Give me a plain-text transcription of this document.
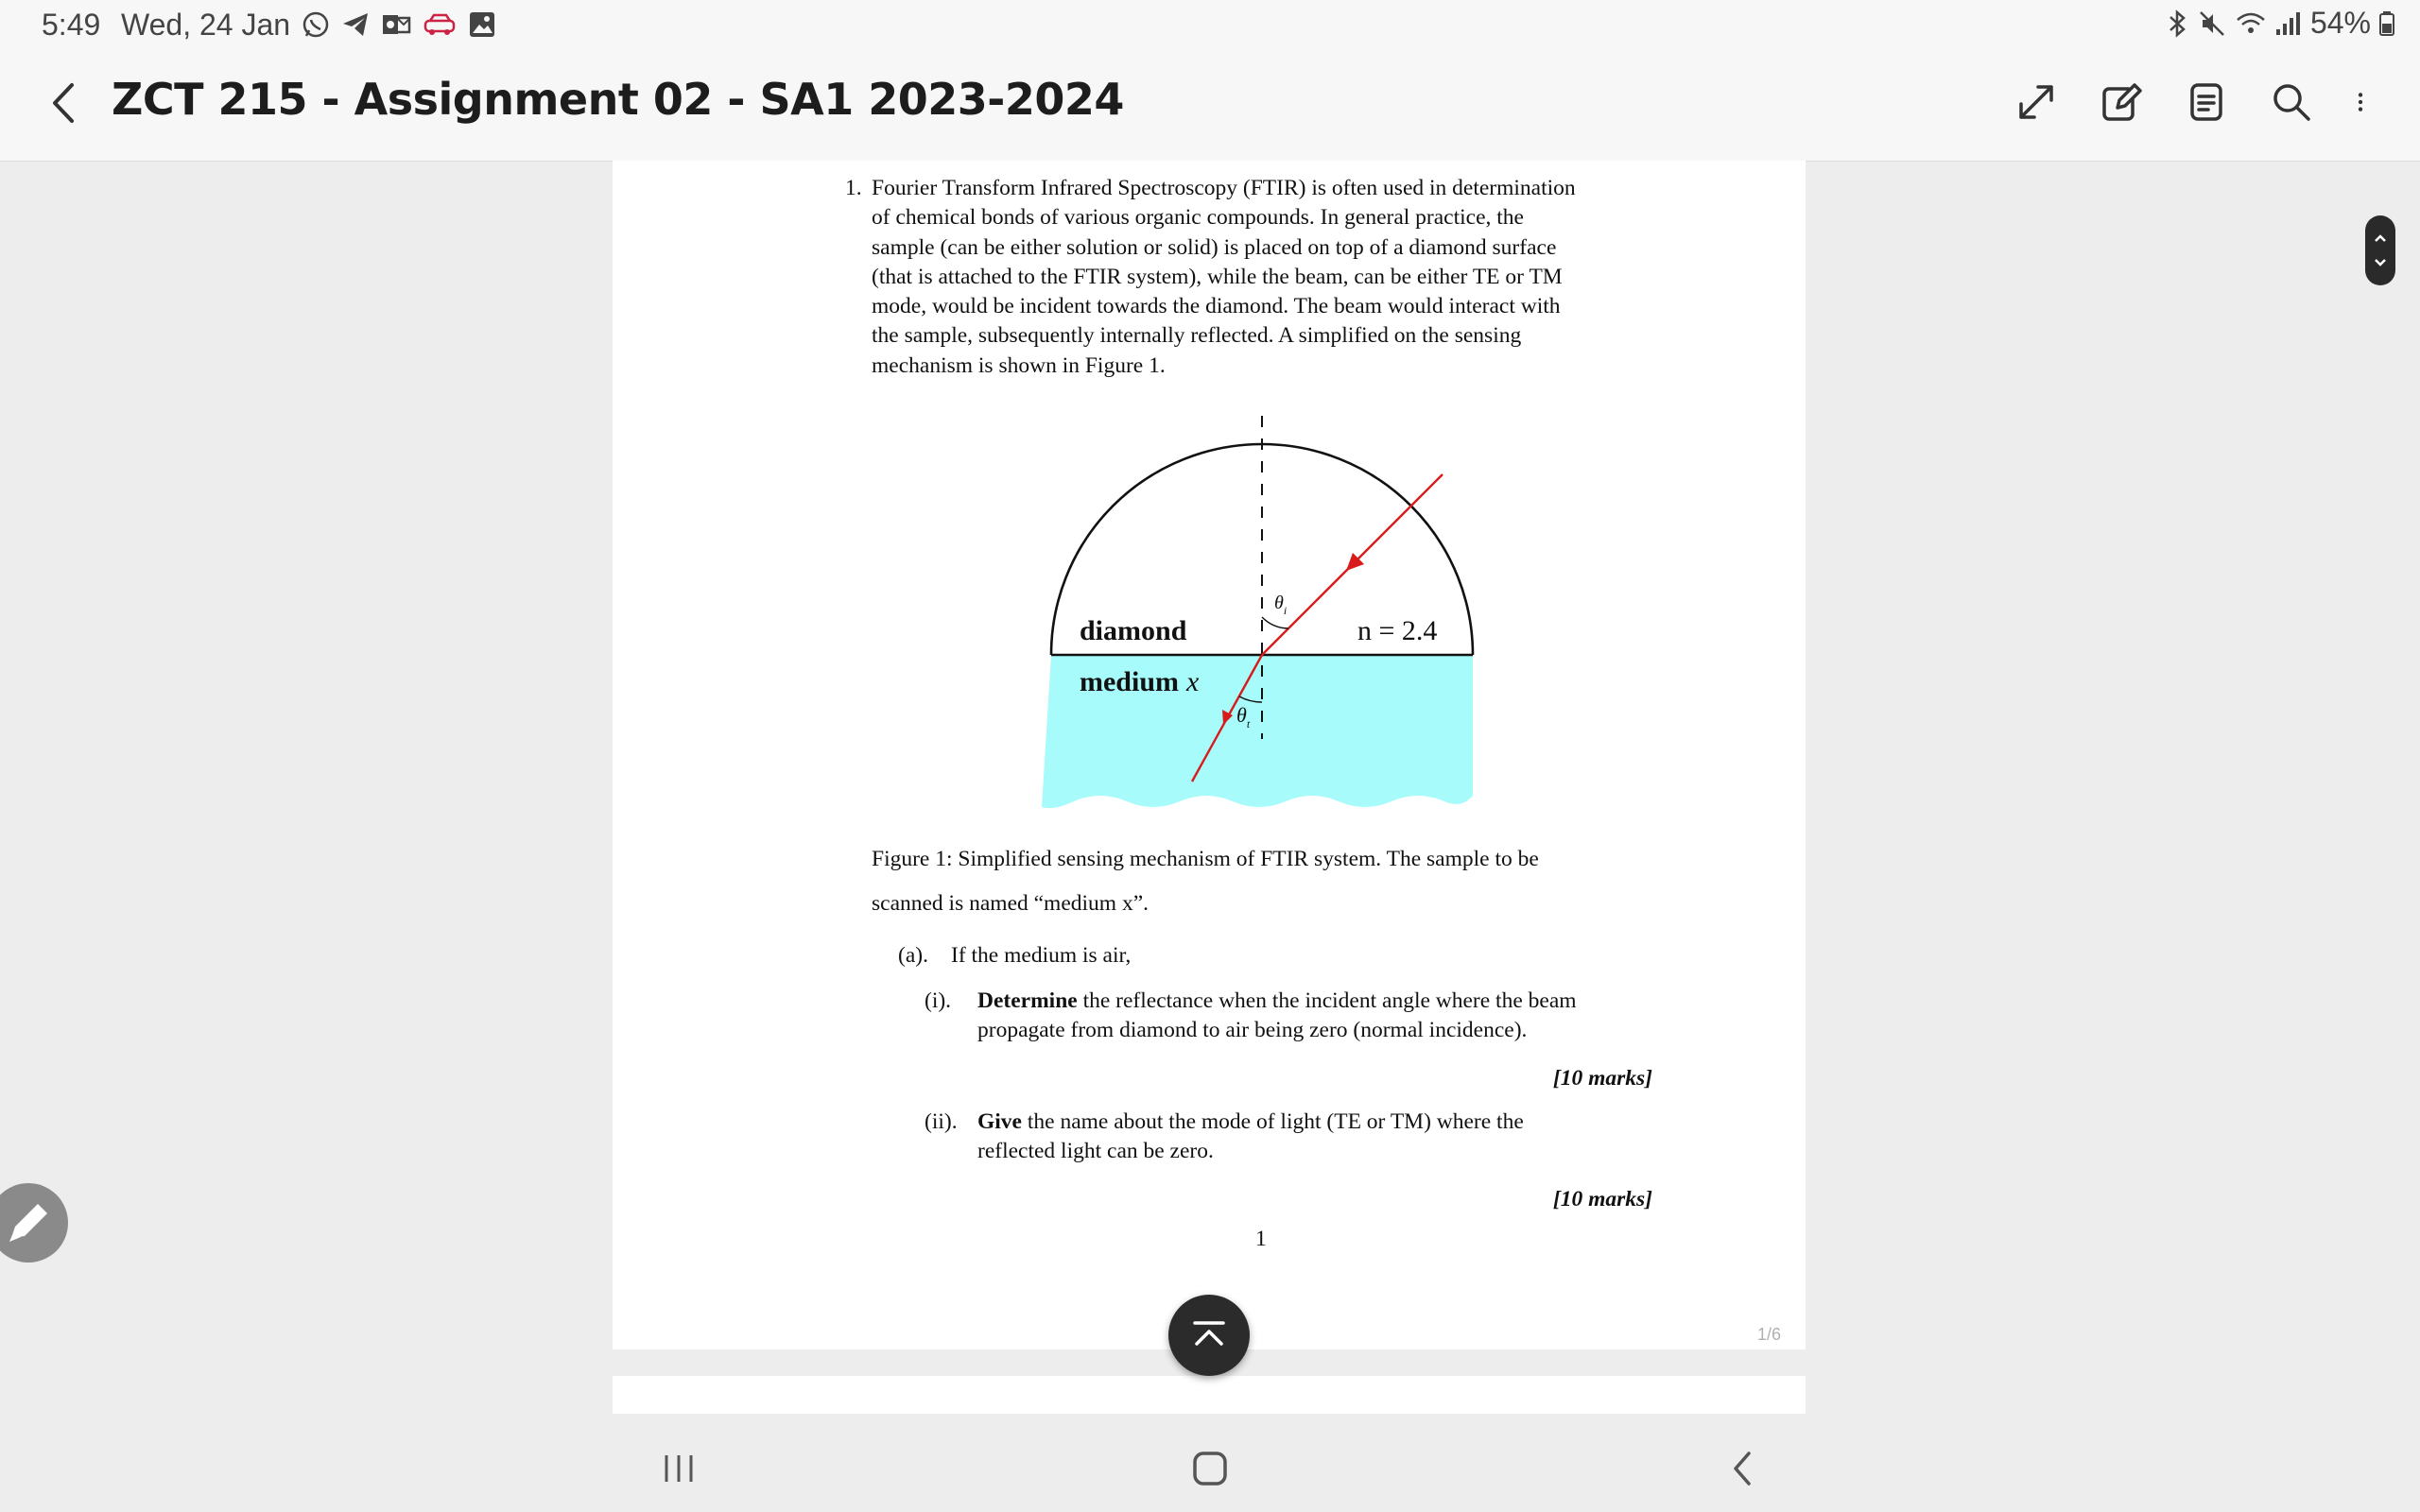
5:49 Wed, 24 Jan	54%
ZCT 215 - Assignment 02 - SA1 2023-2024
1. Fourier Transform Infrared Spectroscopy (FTIR) is often used in determination
of chemical bonds of various organic compounds. In general practice, the
sample (can be either solution or solid) is placed on top of a diamond surface
(that is attached to the FTIR system), while the beam, can be either TE or TM
mode, would be incident towards the diamond. The beam would interact with
the sample, subsequently internally reflected. A simplified on the sensing
mechanism is shown in Figure 1.
diamond
medium x
n = 2.4
$\theta_i$
$\theta_t$
Figure 1: Simplified sensing mechanism of FTIR system. The sample to be
scanned is named “medium x”.
(a). If the medium is air,
(i). Determine the reflectance when the incident angle where the beam
propagate from diamond to air being zero (normal incidence).
[10 marks]
(ii). Give the name about the mode of light (TE or TM) where the
reflected light can be zero.
[10 marks]
1
1/6
